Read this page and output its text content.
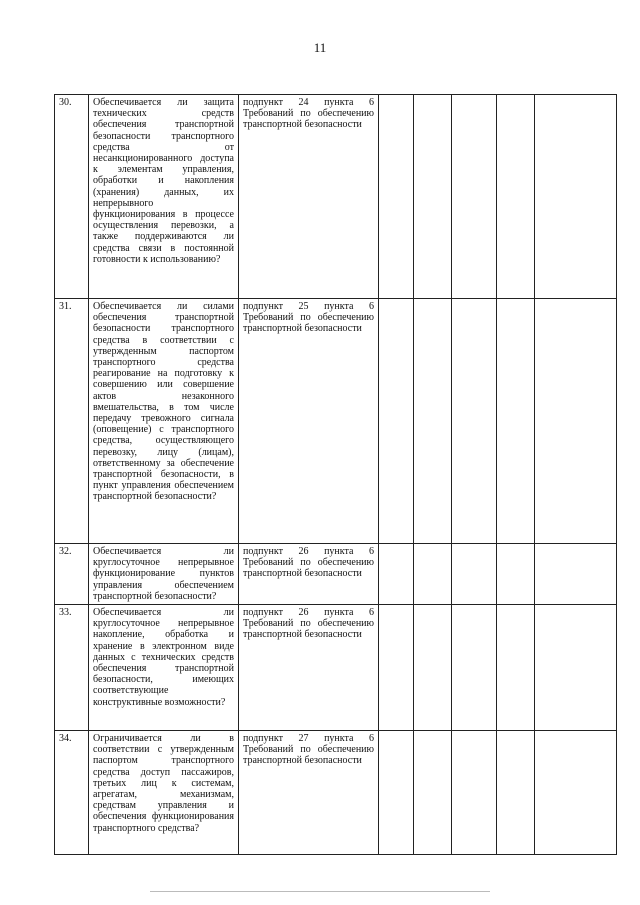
11
30.	Обеспечивается ли защита технических средств обеспечения транспортной безопасности транспортного средства от несанкционированного доступа к элементам управления, обработки и накопления (хранения) данных, их непрерывного функционирования в процессе осуществления перевозки, а также поддерживаются ли средства связи в постоянной готовности к использованию?	подпункт 24 пункта 6 Требований по обеспечению транспортной безопасности					
31.	Обеспечивается ли силами обеспечения транспортной безопасности транспортного средства в соответствии с утвержденным паспортом транспортного средства реагирование на подготовку к совершению или совершение актов незаконного вмешательства, в том числе передачу тревожного сигнала (оповещение) с транспортного средства, осуществляющего перевозку, лицу (лицам), ответственному за обеспечение транспортной безопасности, в пункт управления обеспечением транспортной безопасности?	подпункт 25 пункта 6 Требований по обеспечению транспортной безопасности					
32.	Обеспечивается ли круглосуточное непрерывное функционирование пунктов управления обеспечением транспортной безопасности?	подпункт 26 пункта 6 Требований по обеспечению транспортной безопасности					
33.	Обеспечивается ли круглосуточное непрерывное накопление, обработка и хранение в электронном виде данных с технических средств обеспечения транспортной безопасности, имеющих соответствующие конструктивные возможности?	подпункт 26 пункта 6 Требований по обеспечению транспортной безопасности					
34.	Ограничивается ли в соответствии с утвержденным паспортом транспортного средства доступ пассажиров, третьих лиц к системам, агрегатам, механизмам, средствам управления и обеспечения функционирования транспортного средства?	подпункт 27 пункта 6 Требований по обеспечению транспортной безопасности					
